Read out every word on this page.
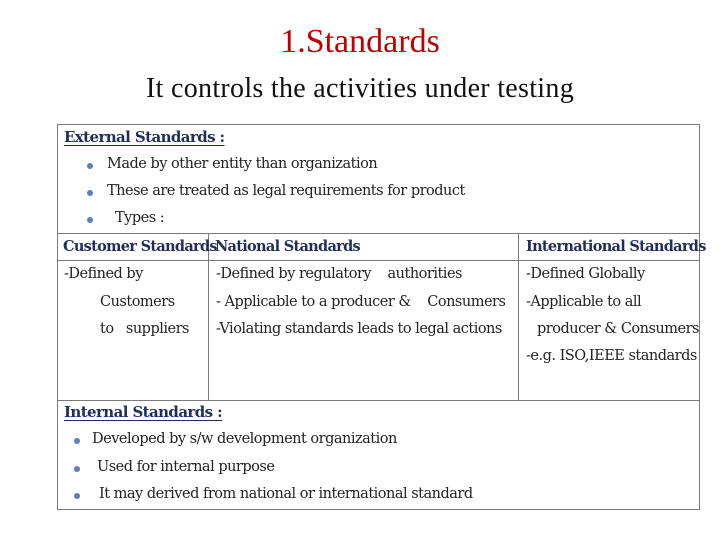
1.Standards
It controls the activities under testing
External Standards :
Made by other entity than organization
These are treated as legal requirements for product
Types :
Customer Standards
National Standards	International Standards
-Defined by
Customers
to   suppliers
-Defined by regulatory    authorities
- Applicable to a producer &    Consumers
-Violating standards leads to legal actions
-Defined Globally
-Applicable to all
producer & Consumers
-e.g. ISO,IEEE standards
Internal Standards :
Developed by s/w development organization
Used for internal purpose
It may derived from national or international standard
